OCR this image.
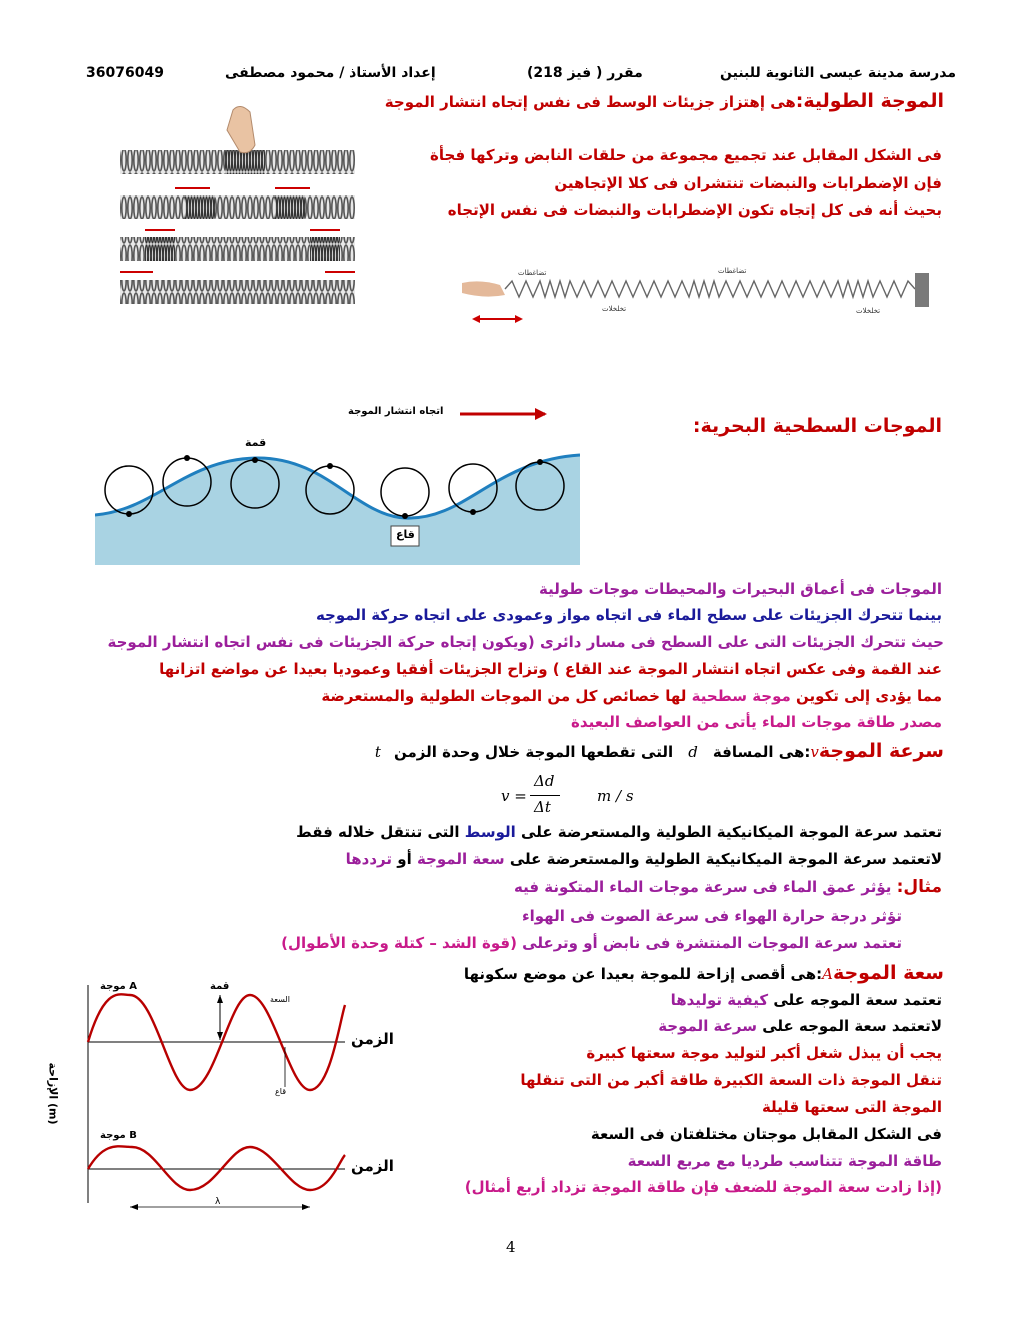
36076049	إعداد الأستاذ / محمود مصطفى	مقرر ( فيز 218)	مدرسة مدينة عيسى الثانوية للبنين
الموجة الطولية:هى إهتزاز جزيئات الوسط فى نفس إتجاه انتشار الموجة
فى الشكل المقابل عند تجميع مجموعة من حلقات النابض وتركها فجأة
فإن الإضطرابات والنبضات تنتشران فى كلا الإتجاهين
بحيث أنه فى كل إتجاه تكون الإضطرابات والنبضات فى نفس الإتجاه
تضاغطات	تضاغطات
تخلخلات	تخلخلات
الموجات السطحية البحرية:
اتجاه انتشار الموجة
قمة
قاع
الموجات فى أعماق البحيرات والمحيطات موجات طولية
بينما تتحرك الجزيئات على سطح الماء فى اتجاه مواز وعمودى على اتجاه حركة الموجه
حيث تتحرك الجزيئات التى على السطح فى مسار دائرى (ويكون إتجاه حركة الجزيئات فى نفس اتجاه انتشار الموجة
عند القمة وفى عكس اتجاه انتشار الموجة عند القاع ) وتزاح الجزيئات أفقيا وعموديا بعيدا عن مواضع اتزانها
مما يؤدى إلى تكوين موجة سطحية لها خصائص كل من الموجات الطولية والمستعرضة
مصدر طاقة موجات الماء يأتى من العواصف البعيدة
سرعة الموجةv:هى المسافة d التى تقطعها الموجة خلال وحدة الزمن t
v =
Δd
Δt
m / s
تعتمد سرعة الموجة الميكانيكية الطولية والمستعرضة على الوسط التى تنتقل خلاله فقط
لاتعتمد سرعة الموجة الميكانيكية الطولية والمستعرضة على سعة الموجة أو ترددها
مثال: يؤثر عمق الماء فى سرعة موجات الماء المتكونة فيه
تؤثر درجة حرارة الهواء فى سرعة الصوت فى الهواء
تعتمد سرعة الموجات المنتشرة فى نابض أو وترعلى (قوة الشد – كتلة وحدة الأطوال)
سعة الموجةA:هى أقصى إزاحة للموجة بعيدا عن موضع سكونها
تعتمد سعة الموجه على كيفية توليدها
لاتعتمد سعة الموجه على سرعة الموجة
يجب أن يبذل شغل أكبر لتوليد موجة سعتها كبيرة
تنقل الموجة ذات السعة الكبيرة طاقة أكبر من التى تنقلها
الموجة التى سعتها قليلة
فى الشكل المقابل موجتان مختلفتان فى السعة
طاقة الموجة تتناسب طرديا مع مربع السعة
(إذا زادت سعة الموجة للضعف فإن طاقة الموجة تزداد أربع أمثال)
موجة A	قمة
السعة
قاع
الزمن
موجة B
الزمن
λ
الإزاحة (m)
4
